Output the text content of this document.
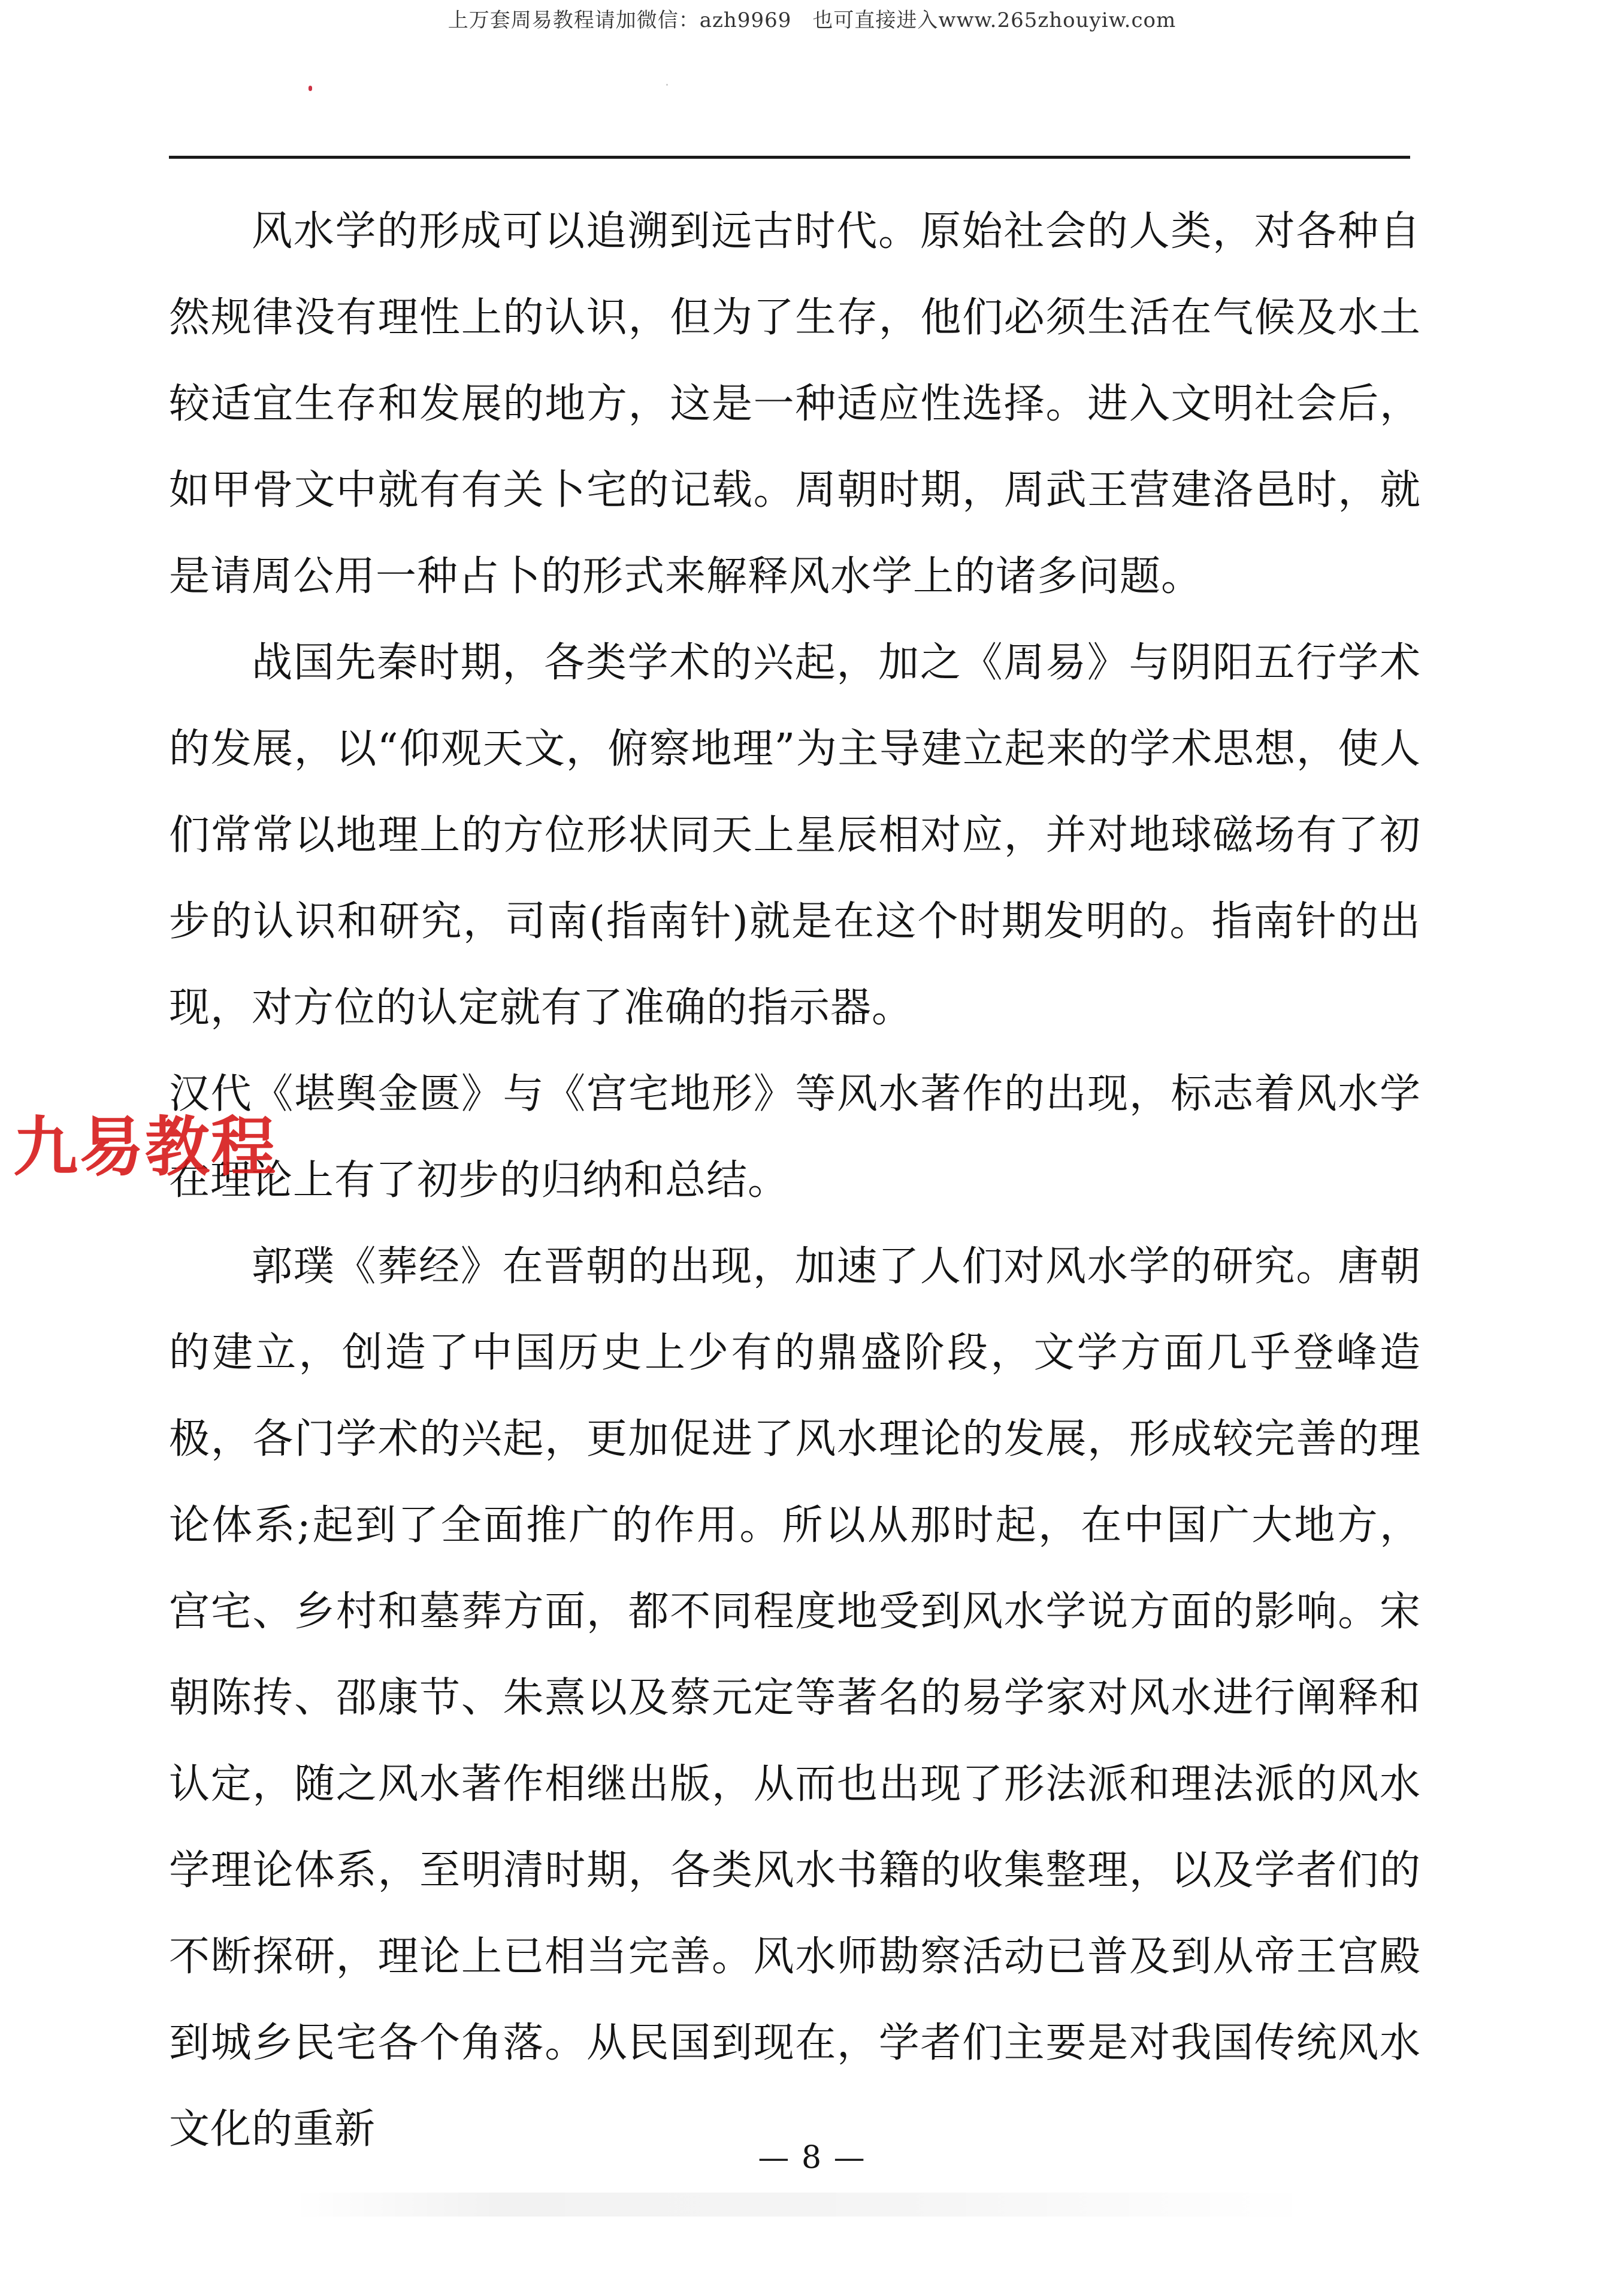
上万套周易教程请加微信：azh9969　也可直接进入www.265zhouyiw.com

风水学的形成可以追溯到远古时代。原始社会的人类，对各种自然规律没有理性上的认识，但为了生存，他们必须生活在气候及水土较适宜生存和发展的地方，这是一种适应性选择。进入文明社会后，如甲骨文中就有有关卜宅的记载。周朝时期，周武王营建洛邑时，就是请周公用一种占卜的形式来解释风水学上的诸多问题。

战国先秦时期，各类学术的兴起，加之《周易》与阴阳五行学术的发展，以“仰观天文，俯察地理”为主导建立起来的学术思想，使人们常常以地理上的方位形状同天上星辰相对应，并对地球磁场有了初步的认识和研究，司南(指南针)就是在这个时期发明的。指南针的出现，对方位的认定就有了准确的指示器。

汉代《堪舆金匮》与《宫宅地形》等风水著作的出现，标志着风水学在理论上有了初步的归纳和总结。

郭璞《葬经》在晋朝的出现，加速了人们对风水学的研究。唐朝的建立，创造了中国历史上少有的鼎盛阶段，文学方面几乎登峰造极，各门学术的兴起，更加促进了风水理论的发展，形成较完善的理论体系;起到了全面推广的作用。所以从那时起，在中国广大地方，宫宅、乡村和墓葬方面，都不同程度地受到风水学说方面的影响。宋朝陈抟、邵康节、朱熹以及蔡元定等著名的易学家对风水进行阐释和认定，随之风水著作相继出版，从而也出现了形法派和理法派的风水学理论体系，至明清时期，各类风水书籍的收集整理，以及学者们的不断探研，理论上已相当完善。风水师勘察活动已普及到从帝王宫殿到城乡民宅各个角落。从民国到现在，学者们主要是对我国传统风水文化的重新

九易教程
— 8 —
